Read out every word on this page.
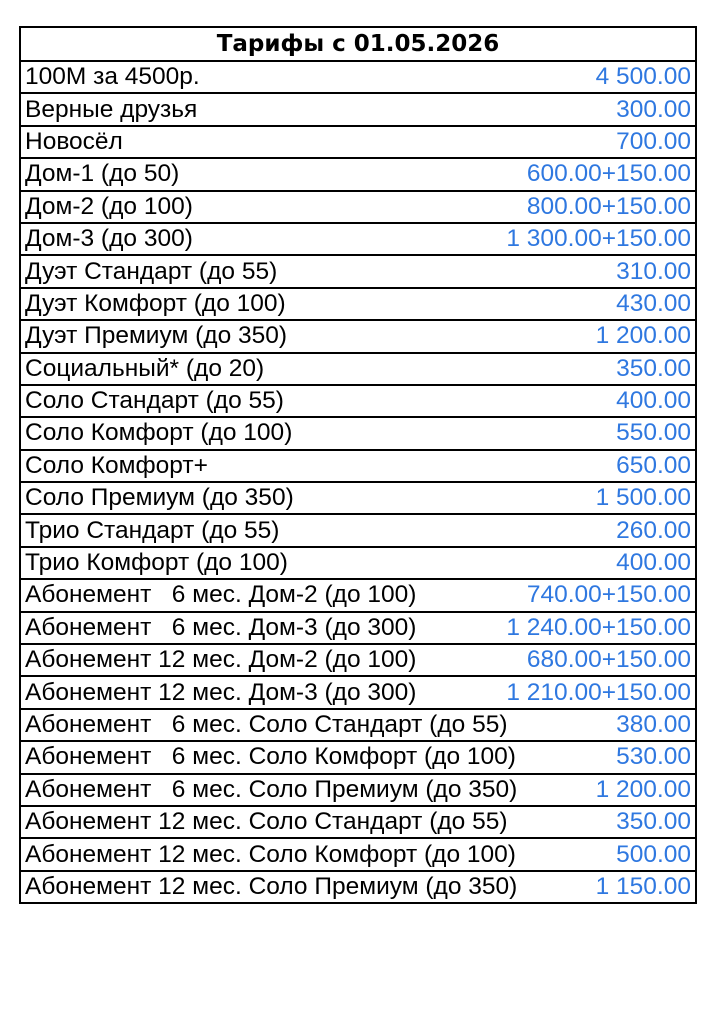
Тарифы с 01.05.2026

100М за 4500р.	4 500.00

Верные друзья	300.00

Новосёл	700.00

Дом-1 (до 50)	600.00+150.00

Дом-2 (до 100)	800.00+150.00

Дом-3 (до 300)	1 300.00+150.00

Дуэт Стандарт (до 55)	310.00

Дуэт Комфорт (до 100)	430.00

Дуэт Премиум (до 350)	1 200.00

Социальный* (до 20)	350.00

Соло Стандарт (до 55)	400.00

Соло Комфорт (до 100)	550.00

Соло Комфорт+	650.00

Соло Премиум (до 350)	1 500.00

Трио Стандарт (до 55)	260.00

Трио Комфорт (до 100)	400.00

Абонемент   6 мес. Дом-2 (до 100)	740.00+150.00

Абонемент   6 мес. Дом-3 (до 300)	1 240.00+150.00

Абонемент 12 мес. Дом-2 (до 100)	680.00+150.00

Абонемент 12 мес. Дом-3 (до 300)	1 210.00+150.00

Абонемент   6 мес. Соло Стандарт (до 55)	380.00

Абонемент   6 мес. Соло Комфорт (до 100)	530.00

Абонемент   6 мес. Соло Премиум (до 350)	1 200.00

Абонемент 12 мес. Соло Стандарт (до 55)	350.00

Абонемент 12 мес. Соло Комфорт (до 100)	500.00

Абонемент 12 мес. Соло Премиум (до 350)	1 150.00
